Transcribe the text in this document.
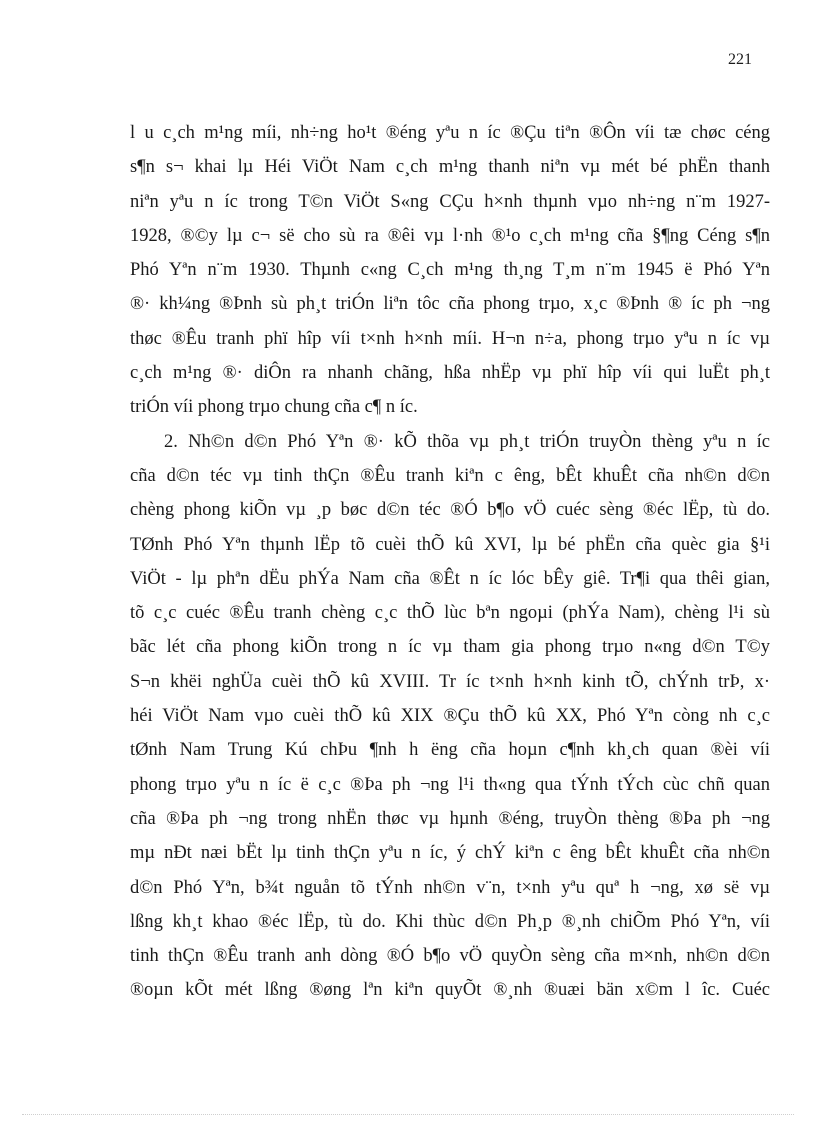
221
l u c¸ch m¹ng míi, nh÷ng ho¹t ®éng yªu n íc ®Çu tiªn ®Ôn víi tæ chøc céng
s¶n s¬ khai lµ Héi ViÖt Nam c¸ch m¹ng thanh niªn vµ mét bé phËn thanh
niªn yªu n íc trong T©n ViÖt S«ng CÇu h×nh thµnh vµo nh÷ng n¨m 1927-
1928, ®©y lµ c¬ së cho sù ra ®êi vµ l·nh ®¹o c¸ch m¹ng cña §¶ng Céng s¶n
Phó Yªn n¨m 1930. Thµnh c«ng C¸ch m¹ng th¸ng T¸m n¨m 1945 ë Phó Yªn
®· kh¼ng ®Þnh sù ph¸t triÓn liªn tôc cña phong trµo, x¸c ®Þnh ® íc ph ¬ng
thøc ®Êu tranh phï hîp víi t×nh h×nh míi. H¬n n÷a, phong trµo yªu n íc vµ
c¸ch m¹ng ®· diÔn ra nhanh chãng, hßa nhËp vµ phï hîp víi qui luËt ph¸t
triÓn víi phong trµo chung cña c¶ n íc.
2. Nh©n d©n Phó Yªn ®· kÕ thõa vµ ph¸t triÓn truyÒn thèng yªu n íc
cña d©n téc vµ tinh thÇn ®Êu tranh kiªn c êng, bÊt khuÊt cña nh©n d©n
chèng phong kiÕn vµ ¸p bøc d©n téc ®Ó b¶o vÖ cuéc sèng ®éc lËp, tù do.
TØnh Phó Yªn thµnh lËp tõ cuèi thÕ kû XVI, lµ bé phËn cña quèc gia §¹i
ViÖt - lµ phªn dËu phÝa Nam cña ®Êt n íc lóc bÊy giê. Tr¶i qua thêi gian,
tõ c¸c cuéc ®Êu tranh chèng c¸c thÕ lùc bªn ngoµi (phÝa Nam), chèng l¹i sù
bãc lét cña phong kiÕn trong n íc vµ tham gia phong trµo n«ng d©n T©y
S¬n khëi nghÜa cuèi thÕ kû XVIII. Tr íc t×nh h×nh kinh tÕ, chÝnh trÞ, x·
héi ViÖt Nam vµo cuèi thÕ kû XIX ®Çu thÕ kû XX, Phó Yªn còng nh c¸c
tØnh Nam Trung Kú chÞu ¶nh h ëng cña hoµn c¶nh kh¸ch quan ®èi víi
phong trµo yªu n íc ë c¸c ®Þa ph ¬ng l¹i th«ng qua tÝnh tÝch cùc chñ quan
cña ®Þa ph ¬ng trong nhËn thøc vµ hµnh ®éng, truyÒn thèng ®Þa ph ¬ng
mµ nÐt næi bËt lµ tinh thÇn yªu n íc, ý chÝ kiªn c êng bÊt khuÊt cña nh©n
d©n Phó Yªn, b¾t nguån tõ tÝnh nh©n v¨n, t×nh yªu quª h ¬ng, xø së vµ
lßng kh¸t khao ®éc lËp, tù do. Khi thùc d©n Ph¸p ®¸nh chiÕm Phó Yªn, víi
tinh thÇn ®Êu tranh anh dòng ®Ó b¶o vÖ quyÒn sèng cña m×nh, nh©n d©n
®oµn kÕt mét lßng ®øng lªn kiªn quyÕt ®¸nh ®uæi bän x©m l îc. Cuéc
